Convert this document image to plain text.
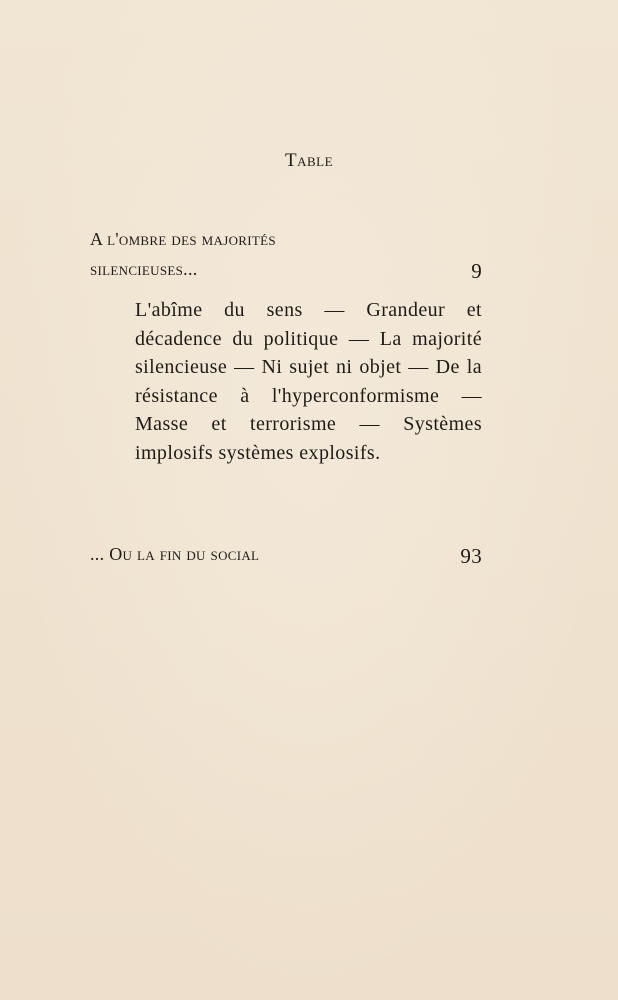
Table
A l'ombre des majorités
silencieuses...	9
L'abîme du sens — Grandeur et décadence du politique — La majorité silencieuse — Ni sujet ni objet — De la résistance à l'hyperconformisme — Masse et terrorisme — Systèmes implosifs systèmes explosifs.
... Ou la fin du social	93
